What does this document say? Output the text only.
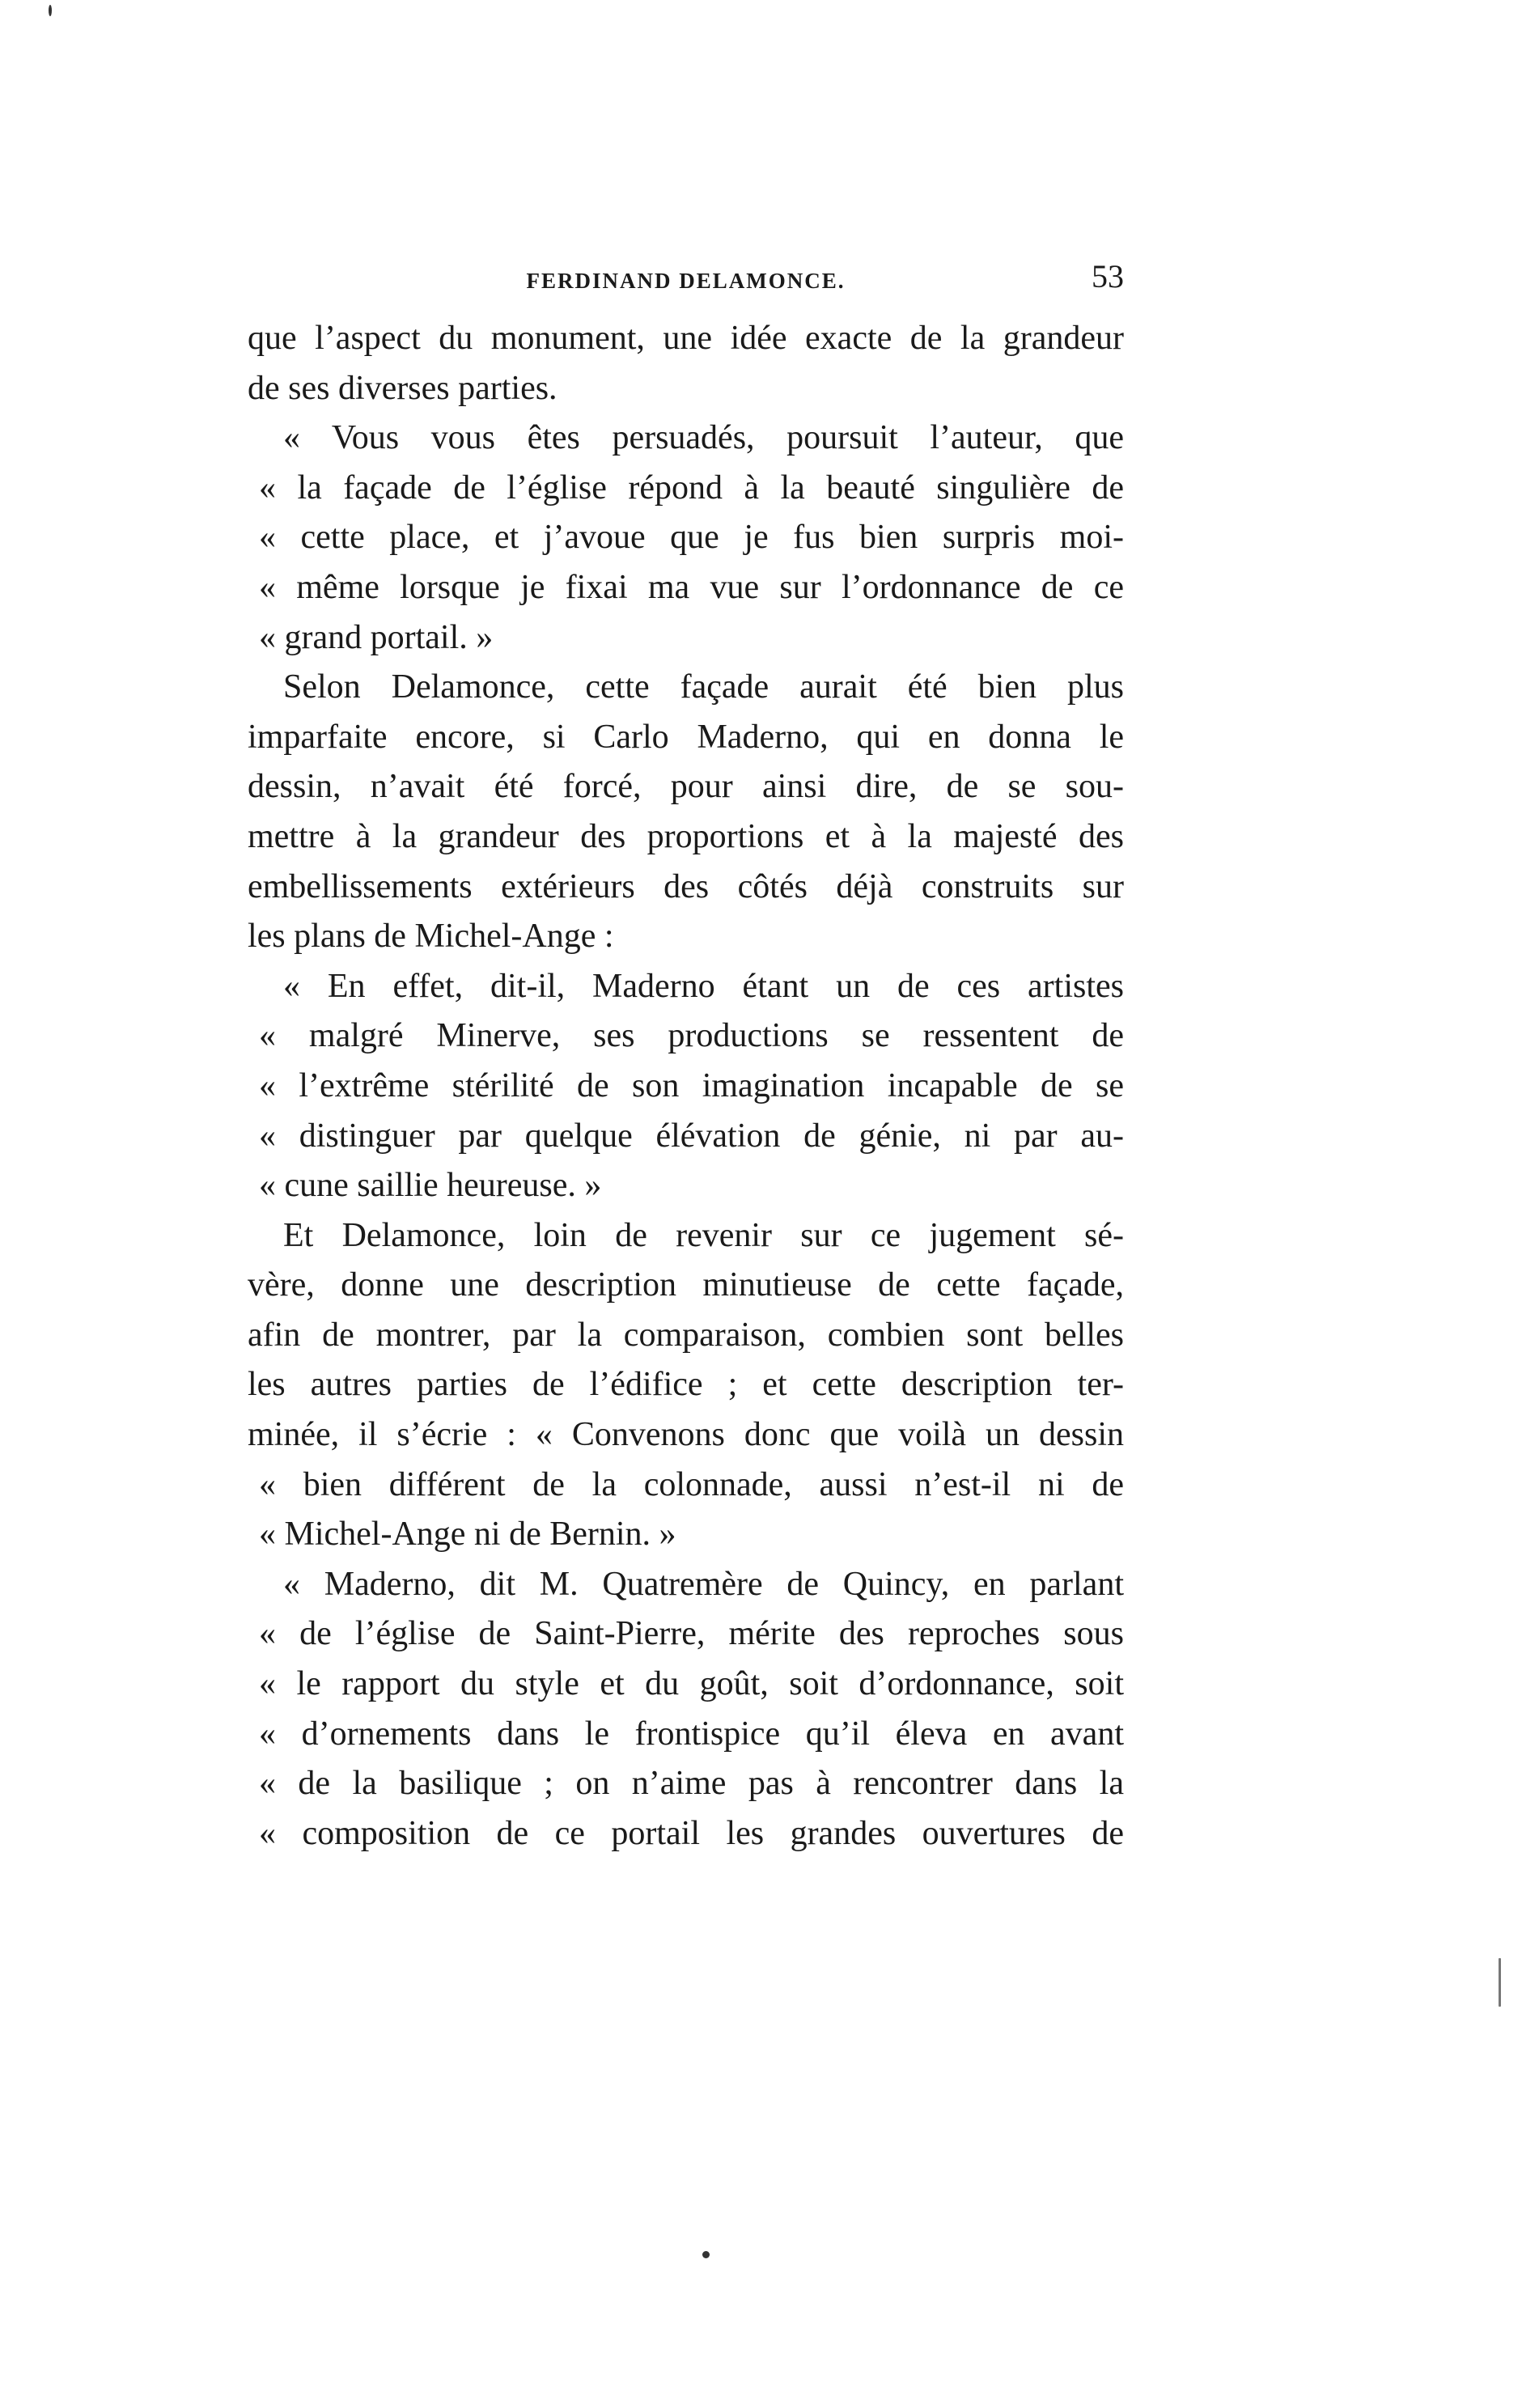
FERDINAND DELAMONCE.	53
que l’aspect du monument, une idée exacte de la grandeur
de ses diverses parties.
« Vous vous êtes persuadés, poursuit l’auteur, que
« la façade de l’église répond à la beauté singulière de
« cette place, et j’avoue que je fus bien surpris moi-
« même lorsque je fixai ma vue sur l’ordonnance de ce
« grand portail. »
Selon Delamonce, cette façade aurait été bien plus
imparfaite encore, si Carlo Maderno, qui en donna le
dessin, n’avait été forcé, pour ainsi dire, de se sou-
mettre à la grandeur des proportions et à la majesté des
embellissements extérieurs des côtés déjà construits sur
les plans de Michel-Ange :
« En effet, dit-il, Maderno étant un de ces artistes
« malgré Minerve, ses productions se ressentent de
« l’extrême stérilité de son imagination incapable de se
« distinguer par quelque élévation de génie, ni par au-
« cune saillie heureuse. »
Et Delamonce, loin de revenir sur ce jugement sé-
vère, donne une description minutieuse de cette façade,
afin de montrer, par la comparaison, combien sont belles
les autres parties de l’édifice ; et cette description ter-
minée, il s’écrie : « Convenons donc que voilà un dessin
« bien différent de la colonnade, aussi n’est-il ni de
« Michel-Ange ni de Bernin. »
« Maderno, dit M. Quatremère de Quincy, en parlant
« de l’église de Saint-Pierre, mérite des reproches sous
« le rapport du style et du goût, soit d’ordonnance, soit
« d’ornements dans le frontispice qu’il éleva en avant
« de la basilique ; on n’aime pas à rencontrer dans la
« composition de ce portail les grandes ouvertures de
